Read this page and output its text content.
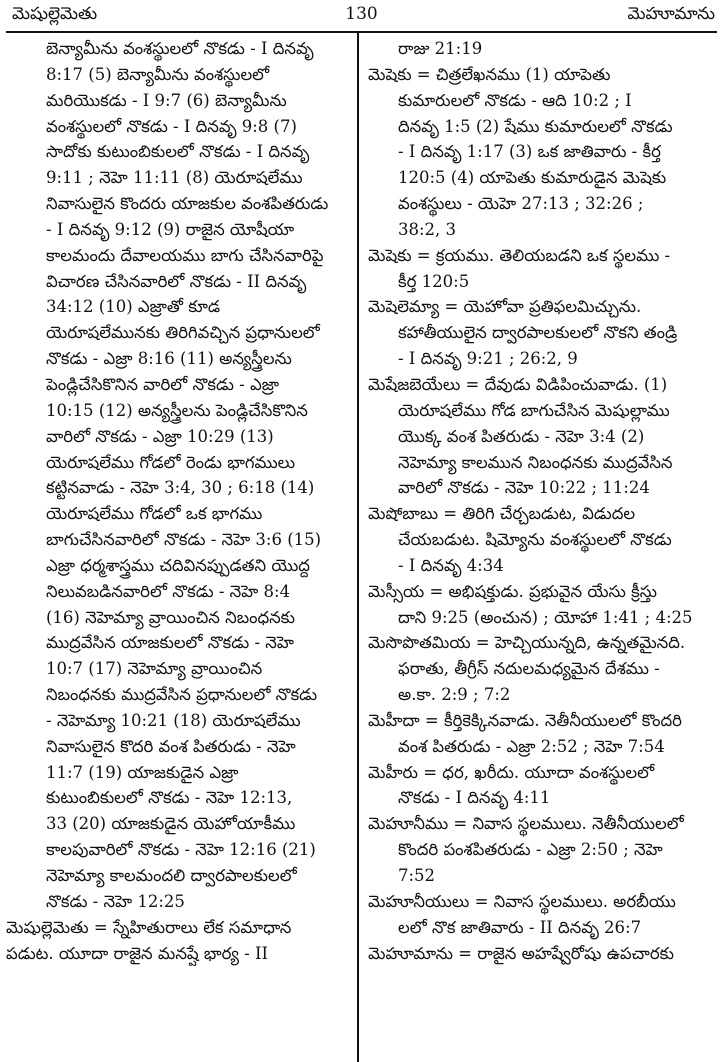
130
మెషుల్లెమెతు	మెహూమాను
బెన్యామీను వంశస్థులలో నొకడు - I దినవృ
8:17 (5) బెన్యామీను వంశస్థులలో
మరియొకడు - I 9:7 (6) బెన్యామీను
వంశస్థులలో నొకడు - I దినవృ 9:8 (7)
సాదోకు కుటుంబికులలో నొకడు - I దినవృ
9:11 ; నెహె 11:11 (8) యెరూషలేము
నివాసులైన కొందరు యాజకుల వంశపితరుడు
- I దినవృ 9:12 (9) రాజైన యోషీయా
కాలమందు దేవాలయము బాగు చేసినవారిపై
విచారణ చేసినవారిలో నొకడు - II దినవృ
34:12 (10) ఎజ్రాతో కూడ
యెరూషలేమునకు తిరిగివచ్చిన ప్రధానులలో
నొకడు - ఎజ్రా 8:16 (11) అన్యస్త్రీలను
పెండ్లిచేసికొనిన వారిలో నొకడు - ఎజ్రా
10:15 (12) అన్యస్త్రీలను పెండ్లిచేసికొనిన
వారిలో నొకడు - ఎజ్రా 10:29 (13)
యెరూషలేము గోడలో రెండు భాగములు
కట్టినవాడు - నెహె 3:4, 30 ; 6:18 (14)
యెరూషలేము గోడలో ఒక భాగము
బాగుచేసినవారిలో నొకడు - నెహె 3:6 (15)
ఎజ్రా ధర్మశాస్త్రము చదివినప్పుడతని యొద్ద
నిలువబడినవారిలో నొకడు - నెహె 8:4
(16) నెహెమ్యా వ్రాయించిన నిబంధనకు
ముద్రవేసిన యాజకులలో నొకడు - నెహె
10:7 (17) నెహెమ్యా వ్రాయించిన
నిబంధనకు ముద్రవేసిన ప్రధానులలో నొకడు
- నెహెమ్యా 10:21 (18) యెరూషలేము
నివాసులైన కొదరి వంశ పితరుడు - నెహె
11:7 (19) యాజకుడైన ఎజ్రా
కుటుంబికులలో నొకడు - నెహె 12:13,
33 (20) యాజకుడైన యెహోయాకీము
కాలపువారిలో నొకడు - నెహె 12:16 (21)
నెహెమ్యా కాలమందలి ద్వారపాలకులలో
నొకడు - నెహె 12:25
మెషుల్లెమెతు = స్నేహితురాలు లేక సమాధాన
పడుట. యూదా రాజైన మనష్షే భార్య - II
రాజు 21:19
మెషెకు = చిత్రలేఖనము (1) యాపెతు
కుమారులలో నొకడు - ఆది 10:2 ; I
దినవృ 1:5 (2) షేము కుమారులలో నొకడు
- I దినవృ 1:17 (3) ఒక జాతివారు - కీర్త
120:5 (4) యాపెతు కుమారుడైన మెషెకు
వంశస్థులు - యెహె 27:13 ; 32:26 ;
38:2, 3
మెషెకు = క్రయము. తెలియబడని ఒక స్థలము -
కీర్త 120:5
మెషెలెమ్యా = యెహోవా ప్రతిఫలమిచ్చును.
కహాతీయులైన ద్వారపాలకులలో నొకని తండ్రి
- I దినవృ 9:21 ; 26:2, 9
మెషేజబెయేలు = దేవుడు విడిపించువాడు. (1)
యెరూషలేము గోడ బాగుచేసిన మెషుల్లాము
యొక్క వంశ పితరుడు - నెహె 3:4 (2)
నెహెమ్యా కాలమున నిబంధనకు ముద్రవేసిన
వారిలో నొకడు - నెహె 10:22 ; 11:24
మెషోబాబు = తిరిగి చేర్చబడుట, విడుదల
చేయబడుట. షిమ్యోను వంశస్థులలో నొకడు
- I దినవృ 4:34
మెస్సీయ = అభిషక్తుడు. ప్రభువైన యేసు క్రీస్తు
దాని 9:25 (అంచున) ; యోహా 1:41 ; 4:25
మెసొపొతమియ = హెచ్చియున్నది, ఉన్నతమైనది.
ఫరాతు, తీగ్రీస్ నదులమధ్యమైన దేశము -
అ.కా. 2:9 ; 7:2
మెహీదా = కీర్తికెక్కినవాడు. నెతీనీయులలో కొందరి
వంశ పితరుడు - ఎజ్రా 2:52 ; నెహె 7:54
మెహీరు = ధర, ఖరీదు. యూదా వంశస్థులలో
నొకడు - I దినవృ 4:11
మెహూనీము = నివాస స్థలములు. నెతీనీయులలో
కొందరి పంశపితరుడు - ఎజ్రా 2:50 ; నెహె
7:52
మెహూనీయులు = నివాస స్థలములు. అరబీయు
లలో నొక జాతివారు - II దినవృ 26:7
మెహూమాను = రాజైన అహష్వేరోషు ఉపచారకు
